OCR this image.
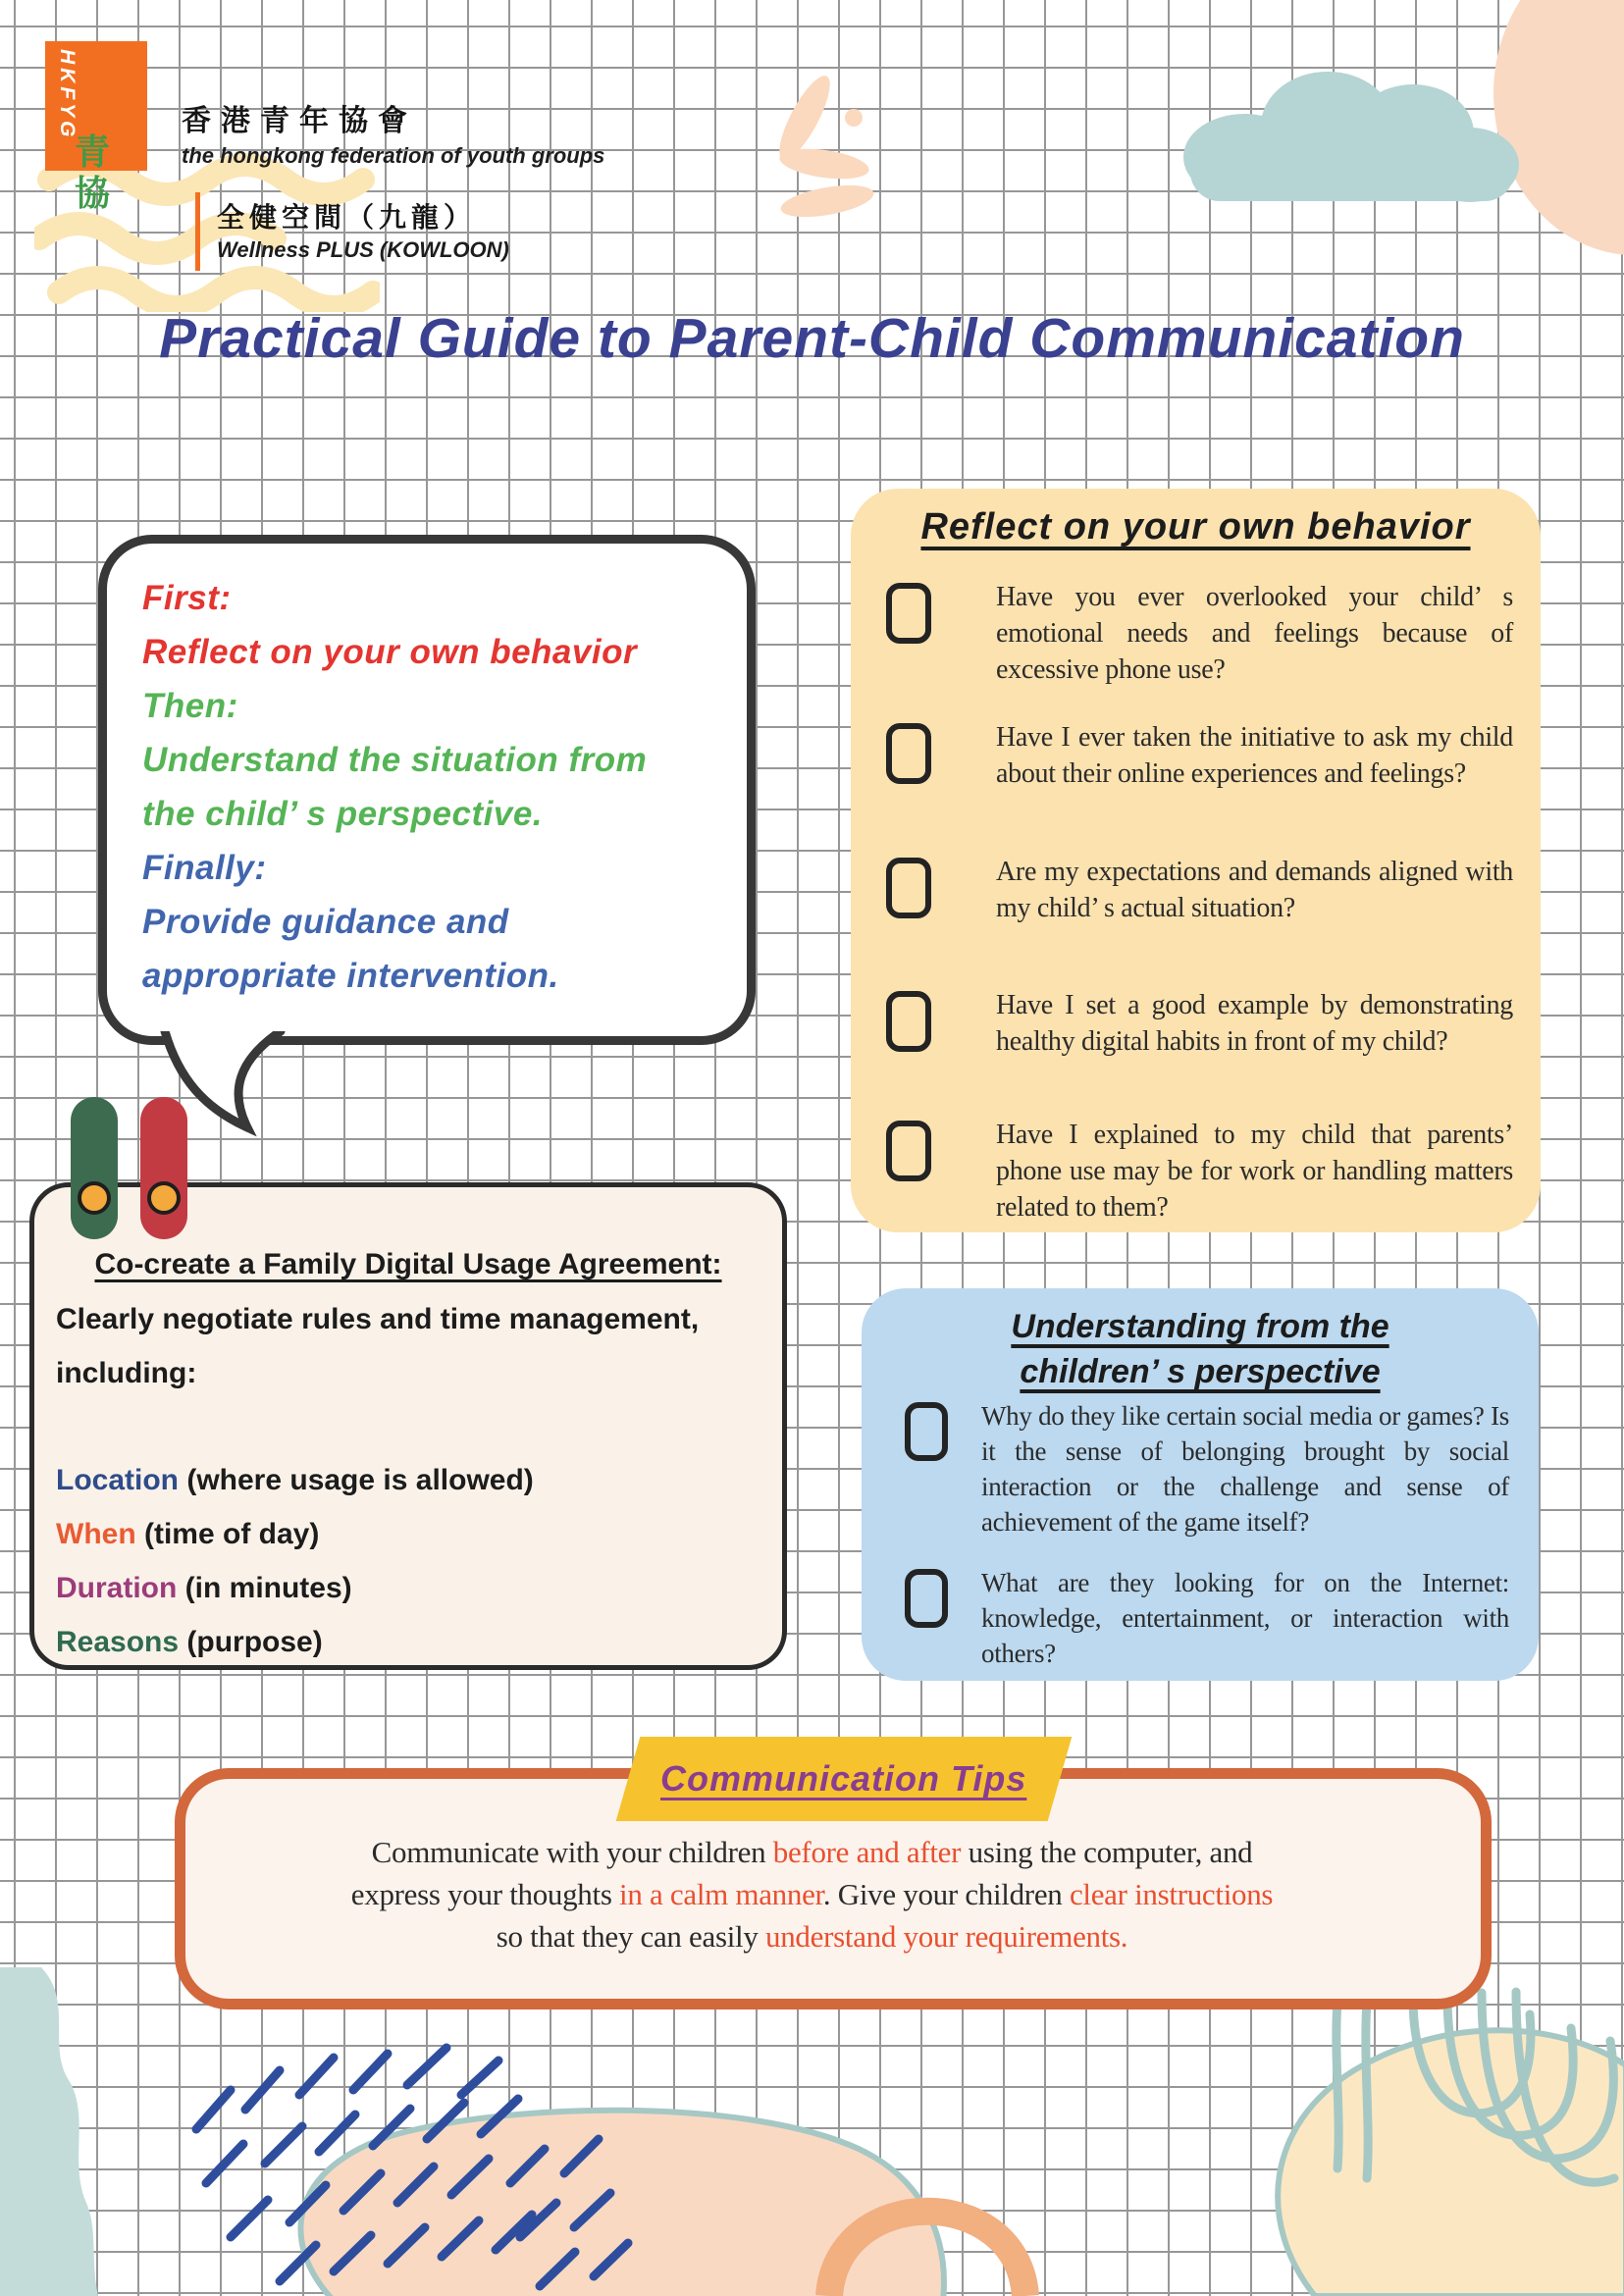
HKFYG
青協
香港青年協會
the hongkong federation of youth groups
全健空間（九龍）
Wellness PLUS (KOWLOON)
Practical Guide to Parent-Child Communication
First:
Reflect on your own behavior
Then:
Understand the situation from
the child’ s perspective.
Finally:
Provide guidance and
appropriate intervention.
Reflect on your own behavior

Have you ever overlooked your child’ s emotional needs and feelings because of excessive phone use?

Have I ever taken the initiative to ask my child about their online experiences and feelings?

Are my expectations and demands aligned with my child’ s actual situation?

Have I set a good example by demonstrating healthy digital habits in front of my child?

Have I explained to my child that parents’ phone use may be for work or handling matters related to them?

Co-create a Family Digital Usage Agreement:
Clearly negotiate rules and time management,
including:
Location (where usage is allowed)
When (time of day)
Duration (in minutes)
Reasons (purpose)
Understanding from the
children’ s perspective

Why do they like certain social media or games? Is it the sense of belonging brought by social interaction or the challenge and sense of achievement of the game itself?

What are they looking for on the Internet: knowledge, entertainment, or interaction with others?

Communication Tips
Communicate with your children before and after using the computer, and
express your thoughts in a calm manner. Give your children clear instructions
so that they can easily understand your requirements.
